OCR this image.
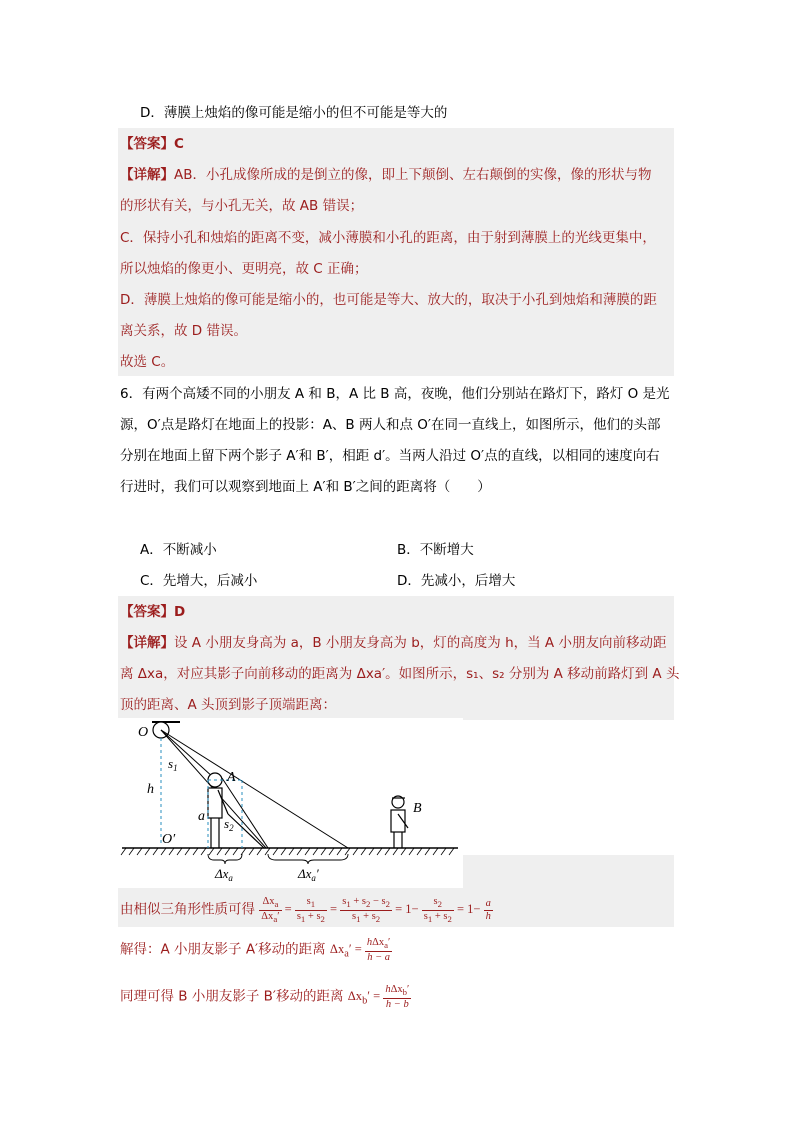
D．薄膜上烛焰的像可能是缩小的但不可能是等大的
【答案】C
【详解】AB．小孔成像所成的是倒立的像，即上下颠倒、左右颠倒的实像，像的形状与物
的形状有关，与小孔无关，故 AB 错误；
C．保持小孔和烛焰的距离不变，减小薄膜和小孔的距离，由于射到薄膜上的光线更集中，
所以烛焰的像更小、更明亮，故 C 正确；
D．薄膜上烛焰的像可能是缩小的，也可能是等大、放大的，取决于小孔到烛焰和薄膜的距
离关系，故 D 错误。
故选 C。
6．有两个高矮不同的小朋友 A 和 B，A 比 B 高，夜晚，他们分别站在路灯下，路灯 O 是光
源，O′点是路灯在地面上的投影：A、B 两人和点 O′在同一直线上，如图所示，他们的头部
分别在地面上留下两个影子 A′和 B′，相距 d′。当两人沿过 O′点的直线，以相同的速度向右
行进时，我们可以观察到地面上 A′和 B′之间的距离将（　　）
A．不断减小	B．不断增大
C．先增大，后减小	D．先减小，后增大
【答案】D
【详解】设 A 小朋友身高为 a，B 小朋友身高为 b，灯的高度为 h，当 A 小朋友向前移动距
离 Δxa，对应其影子向前移动的距离为 Δxa′。如图所示，s₁、s₂ 分别为 A 移动前路灯到 A 头
顶的距离、A 头顶到影子顶端距离：
O
h
O′
A
a
$s_1$
$s_2$
B
$\Delta x_a$	$\Delta x_a'$
由相似三角形性质可得 $\frac{\Delta x_a}{\Delta x_a'} = \frac{s_1}{s_1 + s_2} = \frac{s_1 + s_2 - s_2}{s_1 + s_2} = 1- \frac{s_2}{s_1 + s_2} = 1- \frac{a}{h}$
解得：A 小朋友影子 A′移动的距离 $\Delta x_a' = \frac{h\Delta x_a'}{h - a}$
同理可得 B 小朋友影子 B′移动的距离 $\Delta x_b' = \frac{h\Delta x_b'}{h - b}$
